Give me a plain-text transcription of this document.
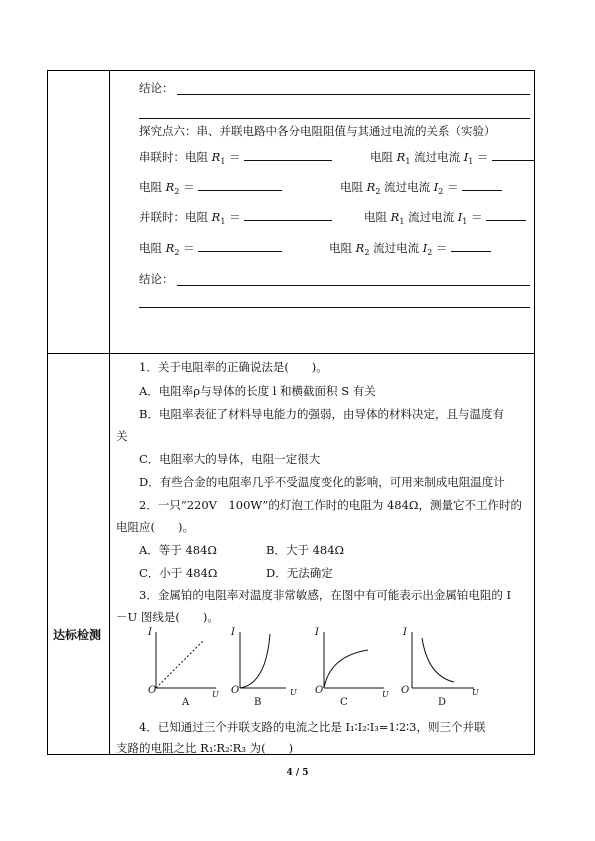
结论：
探究点六：串、并联电路中各分电阻阻值与其通过电流的关系（实验）
串联时：电阻 $R_1$ ＝	电阻 $R_1$ 流过电流 $I_1$ ＝
电阻 $R_2$ ＝	电阻 $R_2$ 流过电流 $I_2$ ＝
并联时：电阻 $R_1$ ＝	电阻 $R_1$ 流过电流 $I_1$ ＝
电阻 $R_2$ ＝	电阻 $R_2$ 流过电流 $I_2$ ＝
结论：
达标检测
1．关于电阻率的正确说法是(　　)。
A．电阻率ρ与导体的长度 l 和横截面积 S 有关
B．电阻率表征了材料导电能力的强弱，由导体的材料决定，且与温度有
关
C．电阻率大的导体，电阻一定很大
D．有些合金的电阻率几乎不受温度变化的影响，可用来制成电阻温度计
2．一只“220V　100W”的灯泡工作时的电阻为 484Ω，测量它不工作时的
电阻应(　　)。
A．等于 484Ω	B．大于 484Ω
C．小于 484Ω	D．无法确定
3．金属铂的电阻率对温度非常敏感，在图中有可能表示出金属铂电阻的 I
－U 图线是(　　)。
I
O	U
A
I
O	U
B
I
O	U
C
I
O	U
D
4．已知通过三个并联支路的电流之比是 I₁∶I₂∶I₃=1∶2∶3，则三个并联
支路的电阻之比 R₁∶R₂∶R₃ 为(　　)
4 / 5
